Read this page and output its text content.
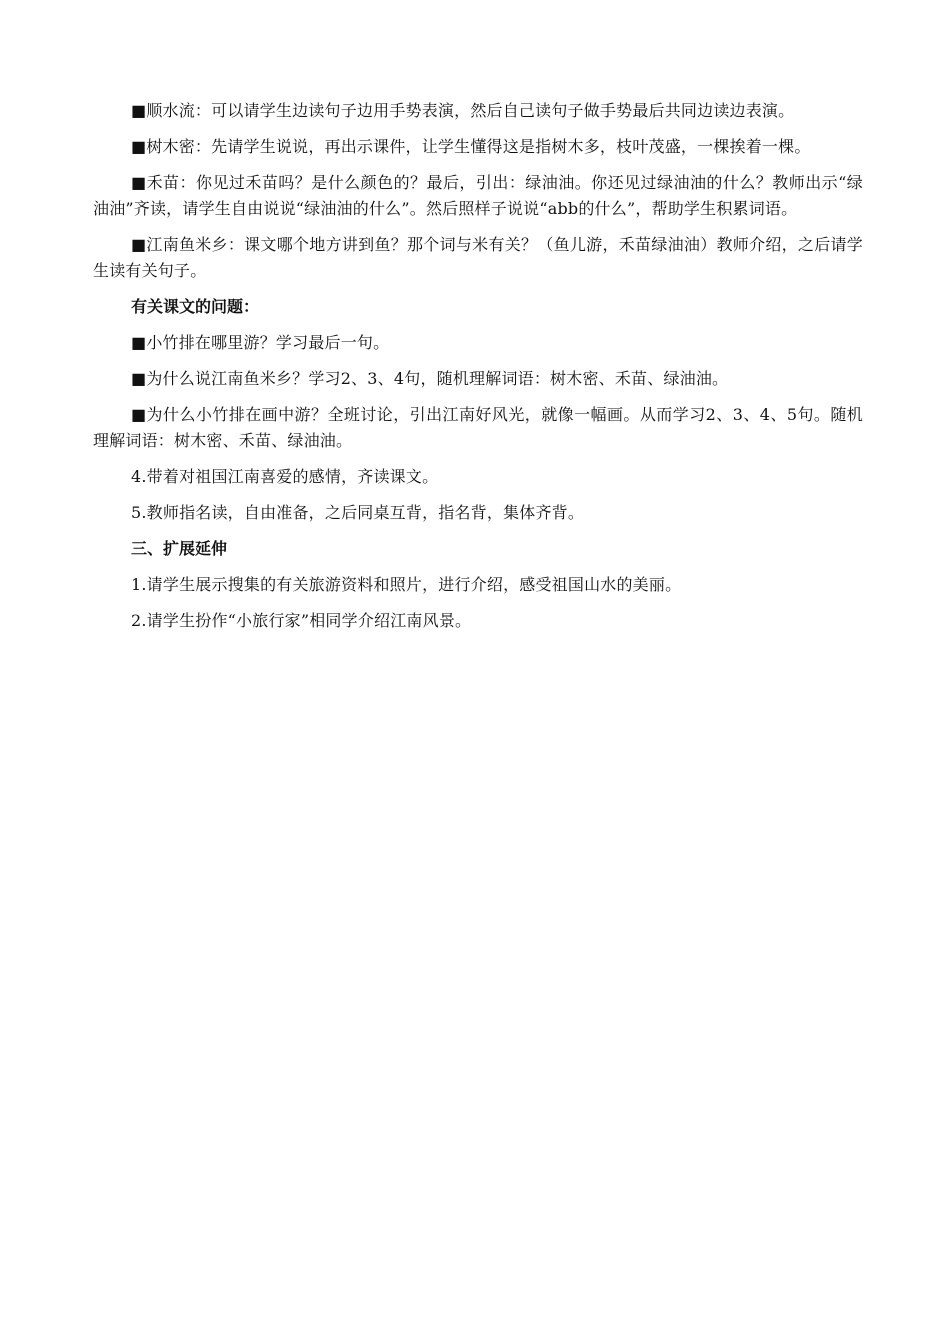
■顺水流：可以请学生边读句子边用手势表演，然后自己读句子做手势最后共同边读边表演。

■树木密：先请学生说说，再出示课件，让学生懂得这是指树木多，枝叶茂盛，一棵挨着一棵。

■禾苗：你见过禾苗吗？是什么颜色的？最后，引出：绿油油。你还见过绿油油的什么？教师出示“绿油油”齐读，请学生自由说说“绿油油的什么”。然后照样子说说“abb的什么”，帮助学生积累词语。

■江南鱼米乡：课文哪个地方讲到鱼？那个词与米有关？（鱼儿游，禾苗绿油油）教师介绍，之后请学生读有关句子。

有关课文的问题：

■小竹排在哪里游？学习最后一句。

■为什么说江南鱼米乡？学习2、3、4句，随机理解词语：树木密、禾苗、绿油油。

■为什么小竹排在画中游？全班讨论，引出江南好风光，就像一幅画。从而学习2、3、4、5句。随机理解词语：树木密、禾苗、绿油油。

4.带着对祖国江南喜爱的感情，齐读课文。

5.教师指名读，自由准备，之后同桌互背，指名背，集体齐背。

三、扩展延伸

1.请学生展示搜集的有关旅游资料和照片，进行介绍，感受祖国山水的美丽。

2.请学生扮作“小旅行家”相同学介绍江南风景。
